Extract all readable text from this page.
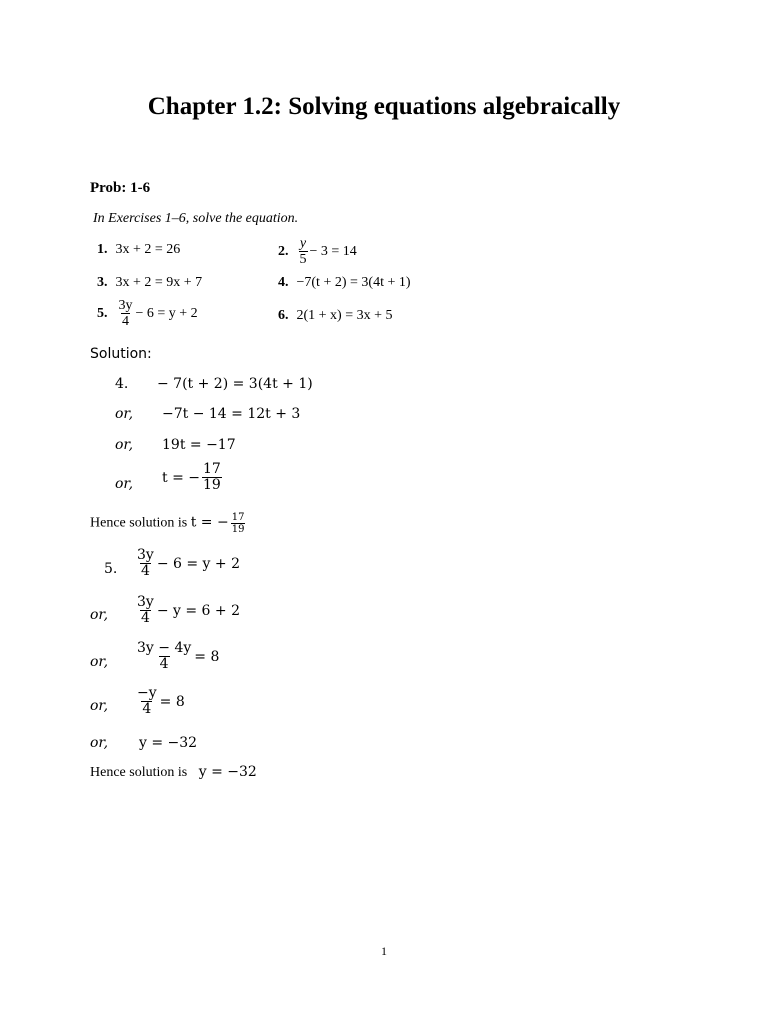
Chapter 1.2: Solving equations algebraically
Prob: 1-6
In Exercises 1–6, solve the equation.
1. 3x + 2 = 26	2. $\frac{y}{5} - 3 = 14$
3. 3x + 2 = 9x + 7	4. −7(t + 2) = 3(4t + 1)
5. $\frac{3y}{4} - 6 = y + 2$	6. 2(1 + x) = 3x + 5
Solution:
4. − 7(t + 2) = 3(4t + 1)
or, −7t − 14 = 12t + 3
or, 19t = −17
or, t = − $\frac{17}{19}$
Hence solution is t = − $\frac{17}{19}$
5. $\frac{3y}{4} - 6 = y + 2$
or, $\frac{3y}{4} - y = 6 + 2$
or, $\frac{3y - 4y}{4} = 8$
or, $\frac{-y}{4} = 8$
or, y = −32
Hence solution is y = −32
1
